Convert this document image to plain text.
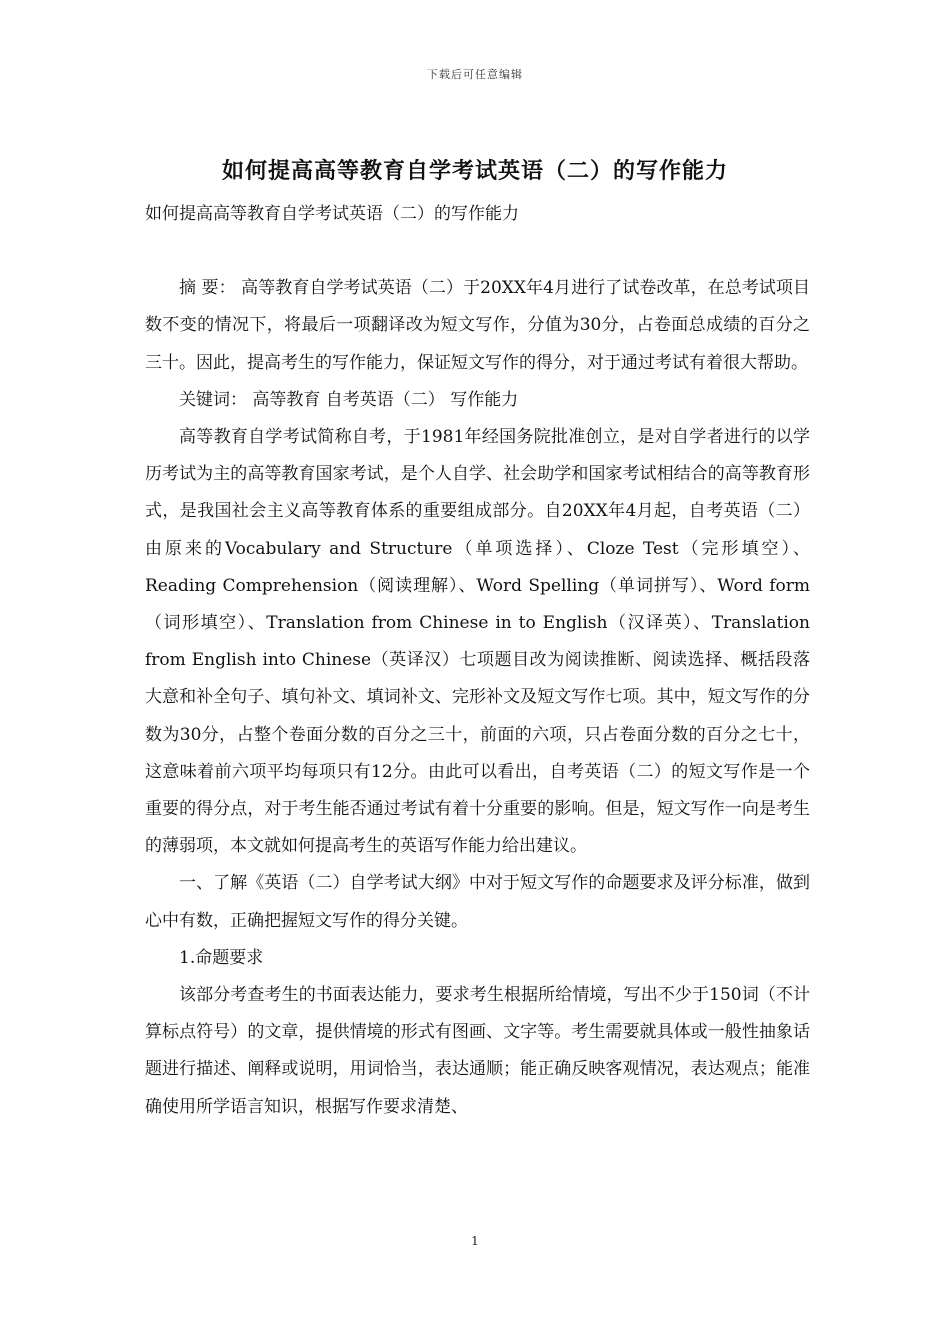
下载后可任意编辑
如何提高高等教育自学考试英语（二）的写作能力

如何提高高等教育自学考试英语（二）的写作能力

摘 要： 高等教育自学考试英语（二）于20XX年4月进行了试卷改革，在总考试项目数不变的情况下，将最后一项翻译改为短文写作，分值为30分，占卷面总成绩的百分之三十。因此，提高考生的写作能力，保证短文写作的得分，对于通过考试有着很大帮助。

关键词： 高等教育 自考英语（二） 写作能力

高等教育自学考试简称自考，于1981年经国务院批准创立，是对自学者进行的以学历考试为主的高等教育国家考试，是个人自学、社会助学和国家考试相结合的高等教育形式，是我国社会主义高等教育体系的重要组成部分。自20XX年4月起，自考英语（二）由原来的Vocabulary and Structure（单项选择）、Cloze Test（完形填空）、Reading Comprehension（阅读理解）、Word Spelling（单词拼写）、Word form（词形填空）、Translation from Chinese in to English（汉译英）、Translation from English into Chinese（英译汉）七项题目改为阅读推断、阅读选择、概括段落大意和补全句子、填句补文、填词补文、完形补文及短文写作七项。其中，短文写作的分数为30分，占整个卷面分数的百分之三十，前面的六项，只占卷面分数的百分之七十，这意味着前六项平均每项只有12分。由此可以看出，自考英语（二）的短文写作是一个重要的得分点，对于考生能否通过考试有着十分重要的影响。但是，短文写作一向是考生的薄弱项，本文就如何提高考生的英语写作能力给出建议。

一、了解《英语（二）自学考试大纲》中对于短文写作的命题要求及评分标准，做到心中有数，正确把握短文写作的得分关键。

1.命题要求

该部分考查考生的书面表达能力，要求考生根据所给情境，写出不少于150词（不计算标点符号）的文章，提供情境的形式有图画、文字等。考生需要就具体或一般性抽象话题进行描述、阐释或说明，用词恰当，表达通顺；能正确反映客观情况，表达观点；能准确使用所学语言知识，根据写作要求清楚、

1
